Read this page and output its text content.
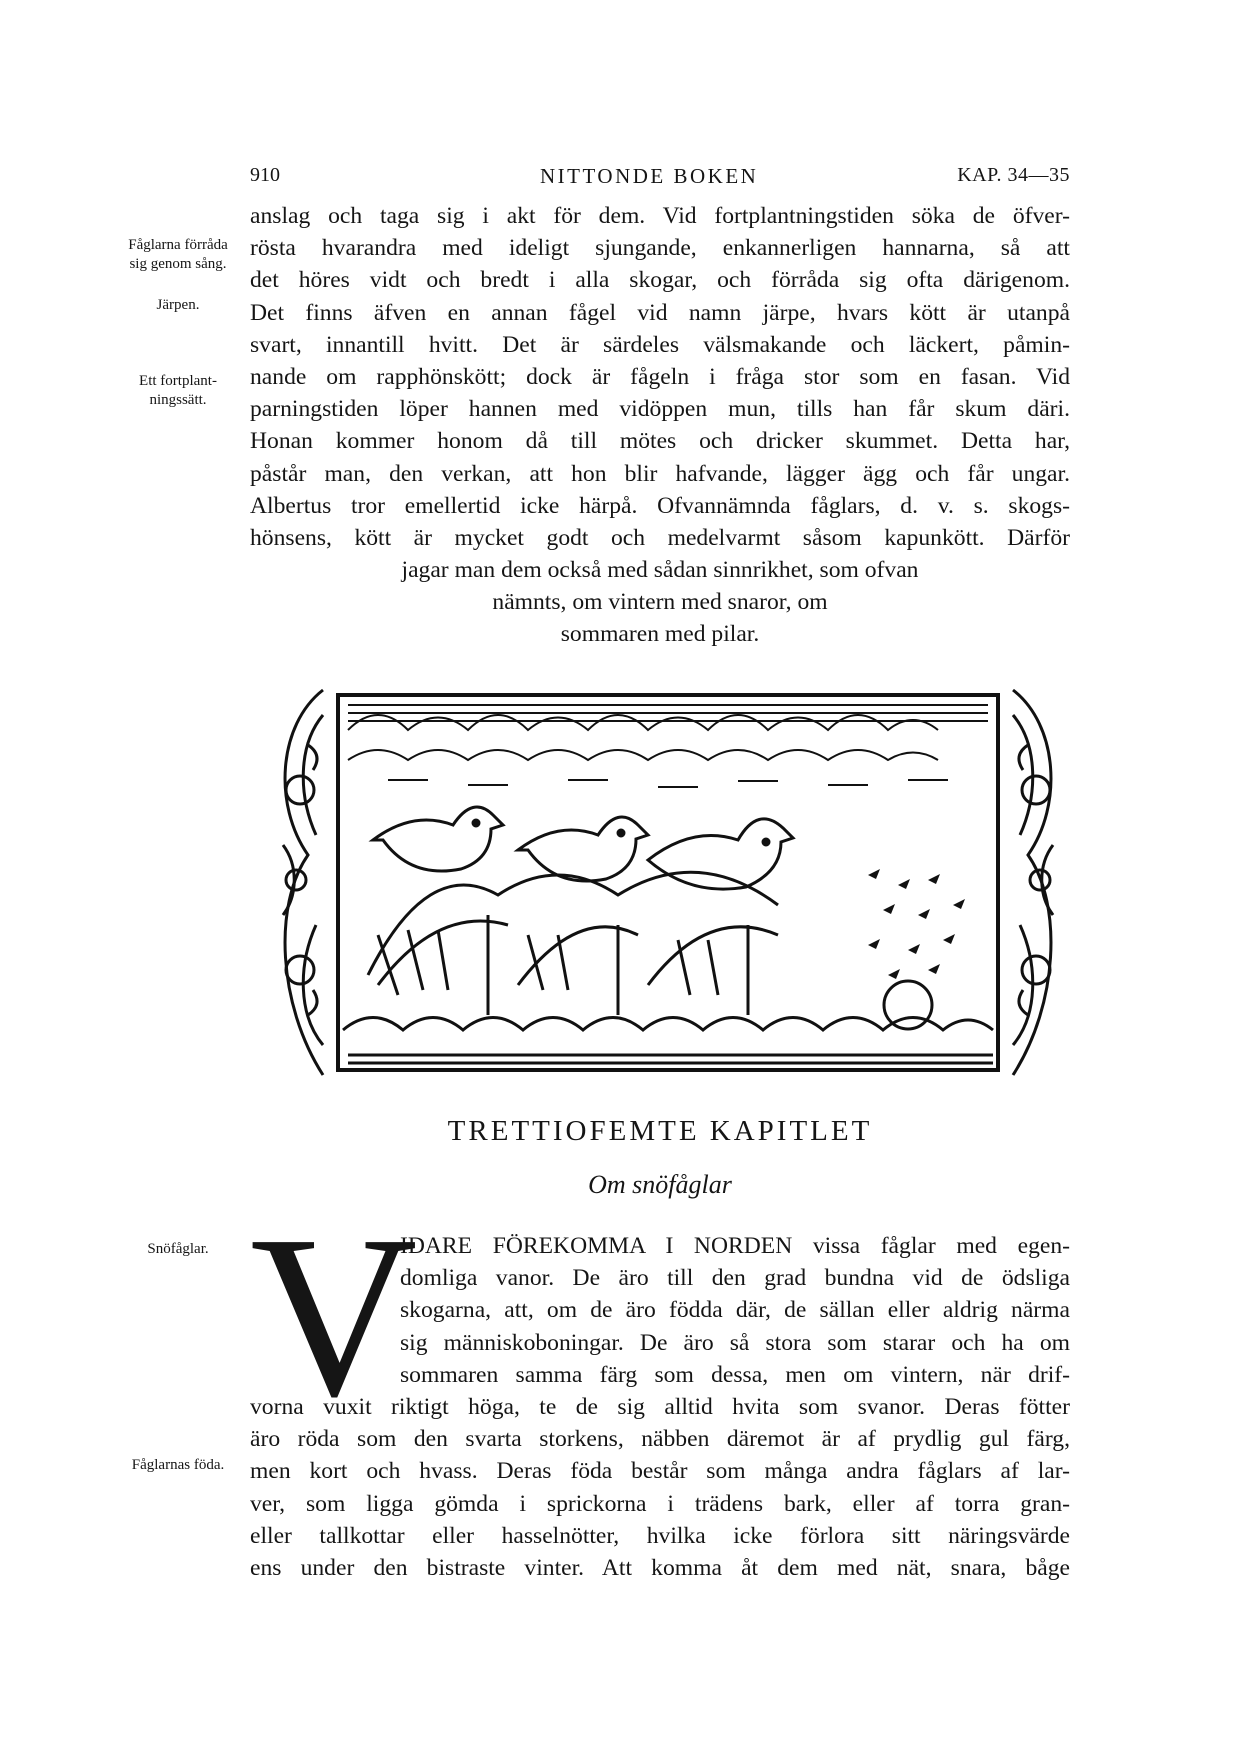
910	NITTONDE BOKEN	KAP. 34—35
Fåglarna förråda sig genom sång.
Järpen.
Ett fortplant-ningssätt.
anslag och taga sig i akt för dem. Vid fortplantningstiden söka de öfver-
rösta hvarandra med ideligt sjungande, enkannerligen hannarna, så att
det höres vidt och bredt i alla skogar, och förråda sig ofta därigenom.
Det finns äfven en annan fågel vid namn järpe, hvars kött är utanpå
svart, innantill hvitt. Det är särdeles välsmakande och läckert, påmin-
nande om rapphönskött; dock är fågeln i fråga stor som en fasan. Vid
parningstiden löper hannen med vidöppen mun, tills han får skum däri.
Honan kommer honom då till mötes och dricker skummet. Detta har,
påstår man, den verkan, att hon blir hafvande, lägger ägg och får ungar.
Albertus tror emellertid icke härpå. Ofvannämnda fåglars, d. v. s. skogs-
hönsens, kött är mycket godt och medelvarmt såsom kapunkött. Därför
jagar man dem också med sådan sinnrikhet, som ofvan
nämnts, om vintern med snaror, om
sommaren med pilar.
TRETTIOFEMTE KAPITLET
Om snöfåglar
V
Snöfåglar.
Fåglarnas föda.
IDARE FÖREKOMMA I NORDEN vissa fåglar med egen-
domliga vanor. De äro till den grad bundna vid de ödsliga
skogarna, att, om de äro födda där, de sällan eller aldrig närma
sig människoboningar. De äro så stora som starar och ha om
sommaren samma färg som dessa, men om vintern, när drif-
vorna vuxit riktigt höga, te de sig alltid hvita som svanor. Deras fötter
äro röda som den svarta storkens, näbben däremot är af prydlig gul färg,
men kort och hvass. Deras föda består som många andra fåglars af lar-
ver, som ligga gömda i sprickorna i trädens bark, eller af torra gran-
eller tallkottar eller hasselnötter, hvilka icke förlora sitt näringsvärde
ens under den bistraste vinter. Att komma åt dem med nät, snara, båge
